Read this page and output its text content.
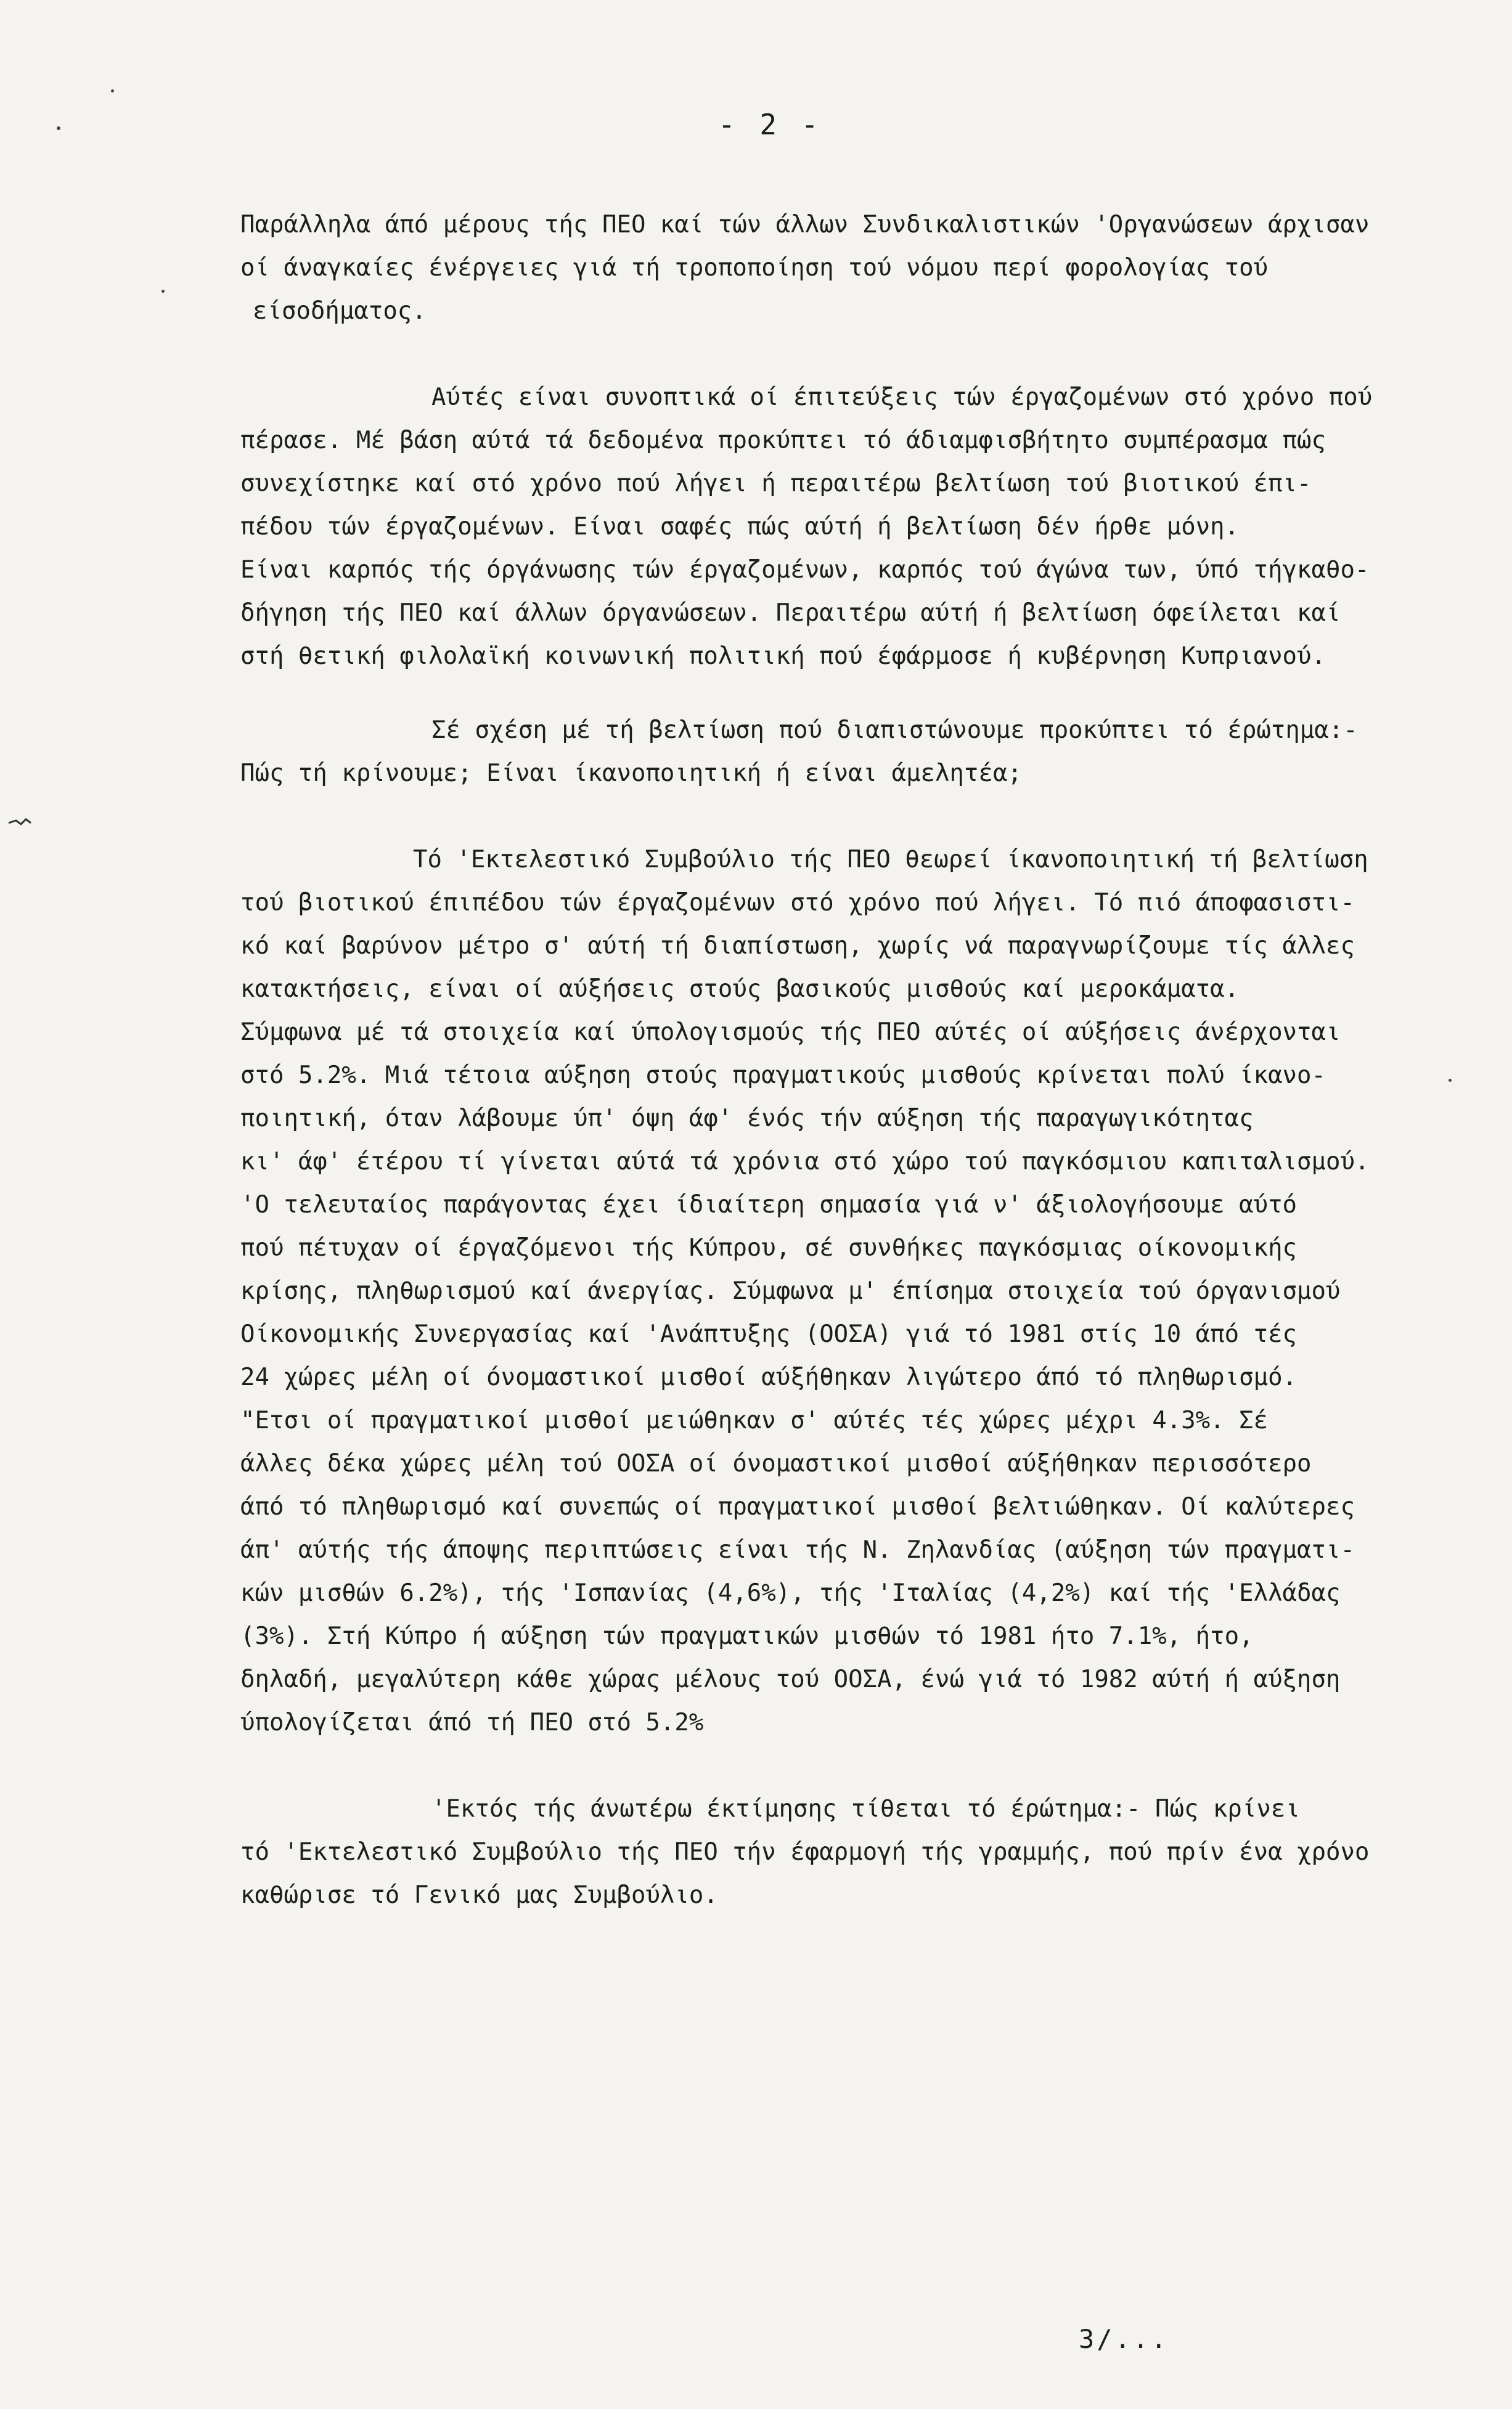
- 2 -
Παράλληλα άπό μέρους τής ΠΕΟ καί τών άλλων Συνδικαλιστικών 'Οργανώσεων άρχισαν
οί άναγκαίες ένέργειες γιά τή τροποποίηση τού νόμου περί φορολογίας τού
είσοδήματος.
Αύτές είναι συνοπτικά οί έπιτεύξεις τών έργαζομένων στό χρόνο πού
πέρασε. Μέ βάση αύτά τά δεδομένα προκύπτει τό άδιαμφισβήτητο συμπέρασμα πώς
συνεχίστηκε καί στό χρόνο πού λήγει ή περαιτέρω βελτίωση τού βιοτικού έπι-
πέδου τών έργαζομένων. Είναι σαφές πώς αύτή ή βελτίωση δέν ήρθε μόνη.
Είναι καρπός τής όργάνωσης τών έργαζομένων, καρπός τού άγώνα των, ύπό τήγκαθο-
δήγηση τής ΠΕΟ καί άλλων όργανώσεων. Περαιτέρω αύτή ή βελτίωση όφείλεται καί
στή θετική φιλολαϊκή κοινωνική πολιτική πού έφάρμοσε ή κυβέρνηση Κυπριανού.
Σέ σχέση μέ τή βελτίωση πού διαπιστώνουμε προκύπτει τό έρώτημα:-
Πώς τή κρίνουμε; Είναι ίκανοποιητική ή είναι άμελητέα;
Τό 'Εκτελεστικό Συμβούλιο τής ΠΕΟ θεωρεί ίκανοποιητική τή βελτίωση
τού βιοτικού έπιπέδου τών έργαζομένων στό χρόνο πού λήγει. Τό πιό άποφασιστι-
κό καί βαρύνον μέτρο σ' αύτή τή διαπίστωση, χωρίς νά παραγνωρίζουμε τίς άλλες
κατακτήσεις, είναι οί αύξήσεις στούς βασικούς μισθούς καί μεροκάματα.
Σύμφωνα μέ τά στοιχεία καί ύπολογισμούς τής ΠΕΟ αύτές οί αύξήσεις άνέρχονται
στό 5.2%. Μιά τέτοια αύξηση στούς πραγματικούς μισθούς κρίνεται πολύ ίκανο-
ποιητική, όταν λάβουμε ύπ' όψη άφ' ένός τήν αύξηση τής παραγωγικότητας
κι' άφ' έτέρου τί γίνεται αύτά τά χρόνια στό χώρο τού παγκόσμιου καπιταλισμού.
'Ο τελευταίος παράγοντας έχει ίδιαίτερη σημασία γιά ν' άξιολογήσουμε αύτό
πού πέτυχαν οί έργαζόμενοι τής Κύπρου, σέ συνθήκες παγκόσμιας οίκονομικής
κρίσης, πληθωρισμού καί άνεργίας. Σύμφωνα μ' έπίσημα στοιχεία τού όργανισμού
Οίκονομικής Συνεργασίας καί 'Ανάπτυξης (ΟΟΣΑ) γιά τό 1981 στίς 10 άπό τές
24 χώρες μέλη οί όνομαστικοί μισθοί αύξήθηκαν λιγώτερο άπό τό πληθωρισμό.
"Ετσι οί πραγματικοί μισθοί μειώθηκαν σ' αύτές τές χώρες μέχρι 4.3%. Σέ
άλλες δέκα χώρες μέλη τού ΟΟΣΑ οί όνομαστικοί μισθοί αύξήθηκαν περισσότερο
άπό τό πληθωρισμό καί συνεπώς οί πραγματικοί μισθοί βελτιώθηκαν. Οί καλύτερες
άπ' αύτής τής άποψης περιπτώσεις είναι τής Ν. Ζηλανδίας (αύξηση τών πραγματι-
κών μισθών 6.2%), τής 'Ισπανίας (4,6%), τής 'Ιταλίας (4,2%) καί τής 'Ελλάδας
(3%). Στή Κύπρο ή αύξηση τών πραγματικών μισθών τό 1981 ήτο 7.1%, ήτο,
δηλαδή, μεγαλύτερη κάθε χώρας μέλους τού ΟΟΣΑ, ένώ γιά τό 1982 αύτή ή αύξηση
ύπολογίζεται άπό τή ΠΕΟ στό 5.2%
'Εκτός τής άνωτέρω έκτίμησης τίθεται τό έρώτημα:- Πώς κρίνει
τό 'Εκτελεστικό Συμβούλιο τής ΠΕΟ τήν έφαρμογή τής γραμμής, πού πρίν ένα χρόνο
καθώρισε τό Γενικό μας Συμβούλιο.
3/...
